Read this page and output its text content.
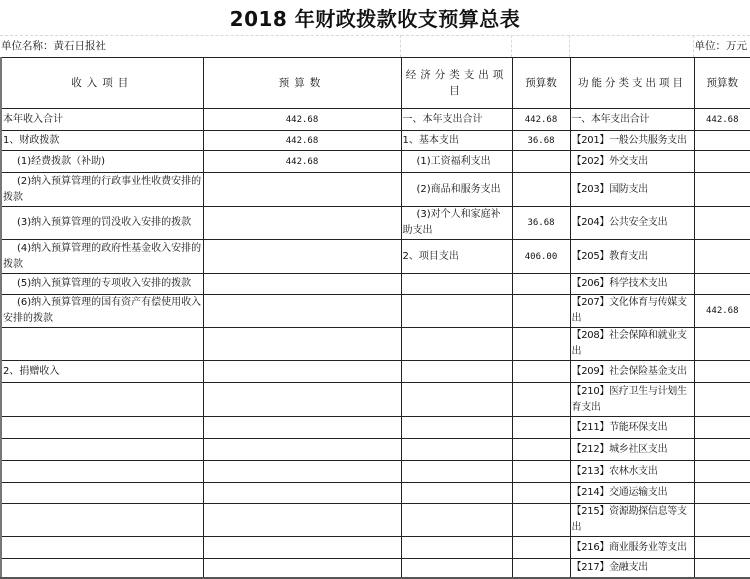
2018 年财政拨款收支预算总表
单位名称：黄石日报社	单位：万元
收入项目	预算数	经济分类支出项目	预算数	功能分类支出项目	预算数
本年收入合计	442.68	一、本年支出合计	442.68	一、本年支出合计	442.68
1、财政拨款	442.68	1、基本支出	36.68	【201】一般公共服务支出	
(1)经费拨款（补助)	442.68	(1)工资福利支出		【202】外交支出	
(2)纳入预算管理的行政事业性收费安排的拨款		(2)商品和服务支出		【203】国防支出	
(3)纳入预算管理的罚没收入安排的拨款		(3)对个人和家庭补助支出	36.68	【204】公共安全支出	
(4)纳入预算管理的政府性基金收入安排的拨款		2、项目支出	406.00	【205】教育支出	
(5)纳入预算管理的专项收入安排的拨款				【206】科学技术支出	
(6)纳入预算管理的国有资产有偿使用收入安排的拨款				【207】文化体育与传媒支出	442.68
				【208】社会保障和就业支出	
2、捐赠收入				【209】社会保险基金支出	
				【210】医疗卫生与计划生育支出	
				【211】节能环保支出	
				【212】城乡社区支出	
				【213】农林水支出	
				【214】交通运输支出	
				【215】资源勘探信息等支出	
				【216】商业服务业等支出	
				【217】金融支出	
